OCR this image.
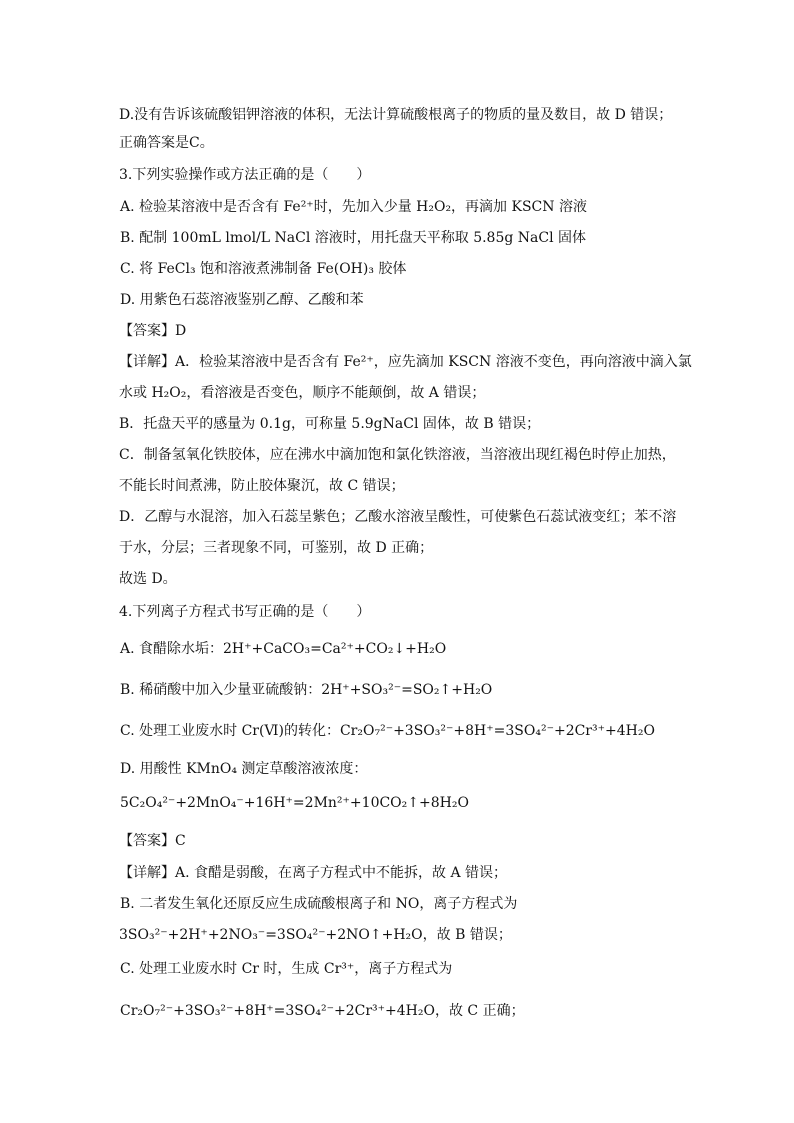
D.没有告诉该硫酸铝钾溶液的体积，无法计算硫酸根离子的物质的量及数目，故 D 错误；
正确答案是C。
3.下列实验操作或方法正确的是（　　）
A. 检验某溶液中是否含有 Fe²⁺时，先加入少量 H₂O₂，再滴加 KSCN 溶液
B. 配制 100mL lmol/L NaCl 溶液时，用托盘天平称取 5.85g NaCl 固体
C. 将 FeCl₃ 饱和溶液煮沸制备 Fe(OH)₃ 胶体
D. 用紫色石蕊溶液鉴别乙醇、乙酸和苯
【答案】D
【详解】A．检验某溶液中是否含有 Fe²⁺，应先滴加 KSCN 溶液不变色，再向溶液中滴入氯
水或 H₂O₂，看溶液是否变色，顺序不能颠倒，故 A 错误；
B．托盘天平的感量为 0.1g，可称量 5.9gNaCl 固体，故 B 错误；
C．制备氢氧化铁胶体，应在沸水中滴加饱和氯化铁溶液，当溶液出现红褐色时停止加热，
不能长时间煮沸，防止胶体聚沉，故 C 错误；
D．乙醇与水混溶，加入石蕊呈紫色；乙酸水溶液呈酸性，可使紫色石蕊试液变红；苯不溶
于水，分层；三者现象不同，可鉴别，故 D 正确；
故选 D。
4.下列离子方程式书写正确的是（　　）
A. 食醋除水垢：2H⁺+CaCO₃=Ca²⁺+CO₂↓+H₂O
B. 稀硝酸中加入少量亚硫酸钠：2H⁺+SO₃²⁻=SO₂↑+H₂O
C. 处理工业废水时 Cr(Ⅵ)的转化：Cr₂O₇²⁻+3SO₃²⁻+8H⁺=3SO₄²⁻+2Cr³⁺+4H₂O
D. 用酸性 KMnO₄ 测定草酸溶液浓度：
5C₂O₄²⁻+2MnO₄⁻+16H⁺=2Mn²⁺+10CO₂↑+8H₂O
【答案】C
【详解】A. 食醋是弱酸，在离子方程式中不能拆，故 A 错误；
B. 二者发生氧化还原反应生成硫酸根离子和 NO，离子方程式为
3SO₃²⁻+2H⁺+2NO₃⁻=3SO₄²⁻+2NO↑+H₂O，故 B 错误；
C. 处理工业废水时 Cr 时，生成 Cr³⁺，离子方程式为
Cr₂O₇²⁻+3SO₃²⁻+8H⁺=3SO₄²⁻+2Cr³⁺+4H₂O，故 C 正确；
